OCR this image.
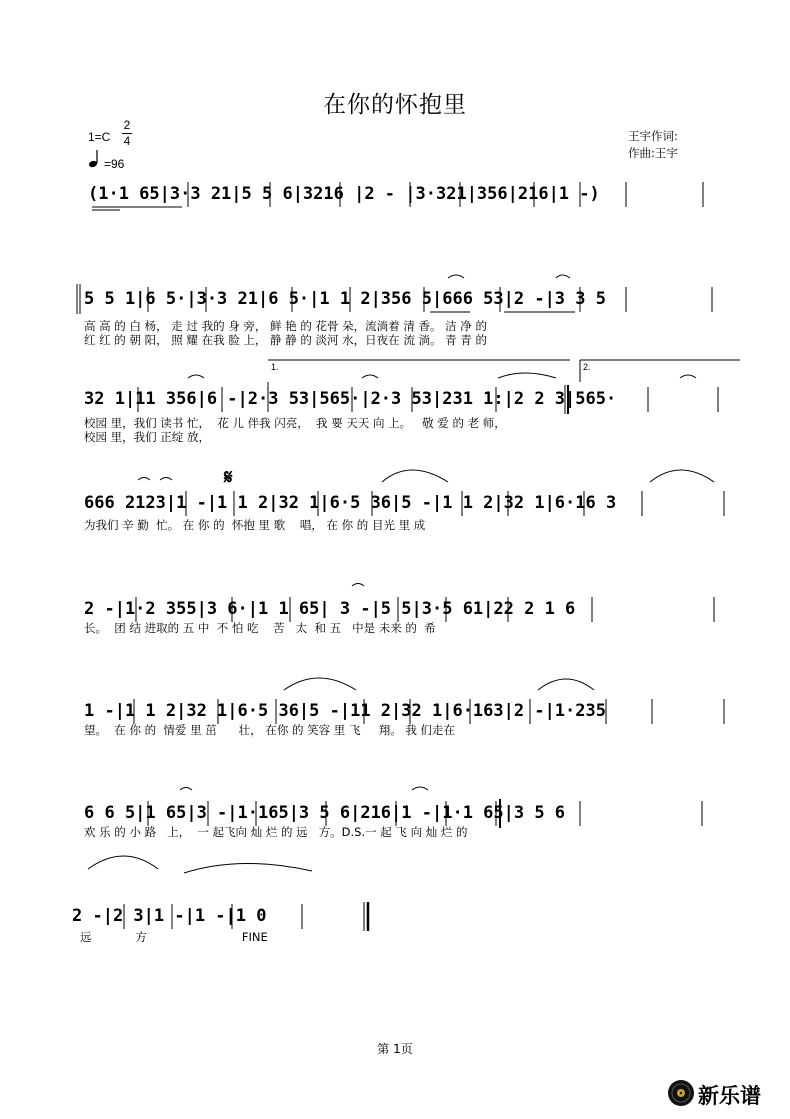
在你的怀抱里
1=C
2
4
=96
王宇作词:
作曲:王宇
(1·1 65|3·3 21|5 5 6|3216 |2 - |3·321|356|216|1 -)
5 5 1|6 5·|3·3 21|6 5·|1 1 2|356 5|666 53|2 -|3 3 5
高 高 的 白 杨， 走 过 我的 身 旁， 鲜 艳 的 花骨 朵，流淌着 清 香。 洁 净 的
红 红 的 朝 阳， 照 耀 在我 脸 上， 静 静 的 淡河 水，日夜在 流 淌。 青 青 的
32 1|11 356|6 -|2·3 53|565·|2·3 53|231 1:|2 2 3|565·
1.	2.
校园 里，我们 读书 忙，  花 儿 伴我 闪亮，  我 要 天天 向 上。   敬 爱 的 老 师，
校园 里，我们 正绽 放，
666 2123|1 -|1 1 2|32 1|6·5 36|5 -|1 1 2|32 1|6·16 3
𝄋
为我们 辛 勤  忙。 在 你 的  怀抱 里 歌    唱， 在 你 的 目光 里 成
2 -|1·2 355|3 6·|1 1 65| 3 -|5 5|3·5 61|22 2 1 6
长。  团 结 进取的 五 中  不 怕 吃    苦   太  和 五   中是 未来 的  希
1 -|1 1 2|32 1|6·5 36|5 -|11 2|32 1|6·163|2 -|1·235
望。  在 你 的  情爱 里 茁      壮， 在你 的 笑容 里 飞     翔。 我 们走在
6 6 5|1 65|3 -|1·165|3 5 6|216|1 -|1·1 65|3 5 6
欢 乐 的 小 路   上，  一 起飞向 灿 烂 的 远   方。D.S.一 起 飞 向 灿 烂 的
2 -|2 3|1 -|1 -|1 0
远            方                          FINE
第 1页
新乐谱
